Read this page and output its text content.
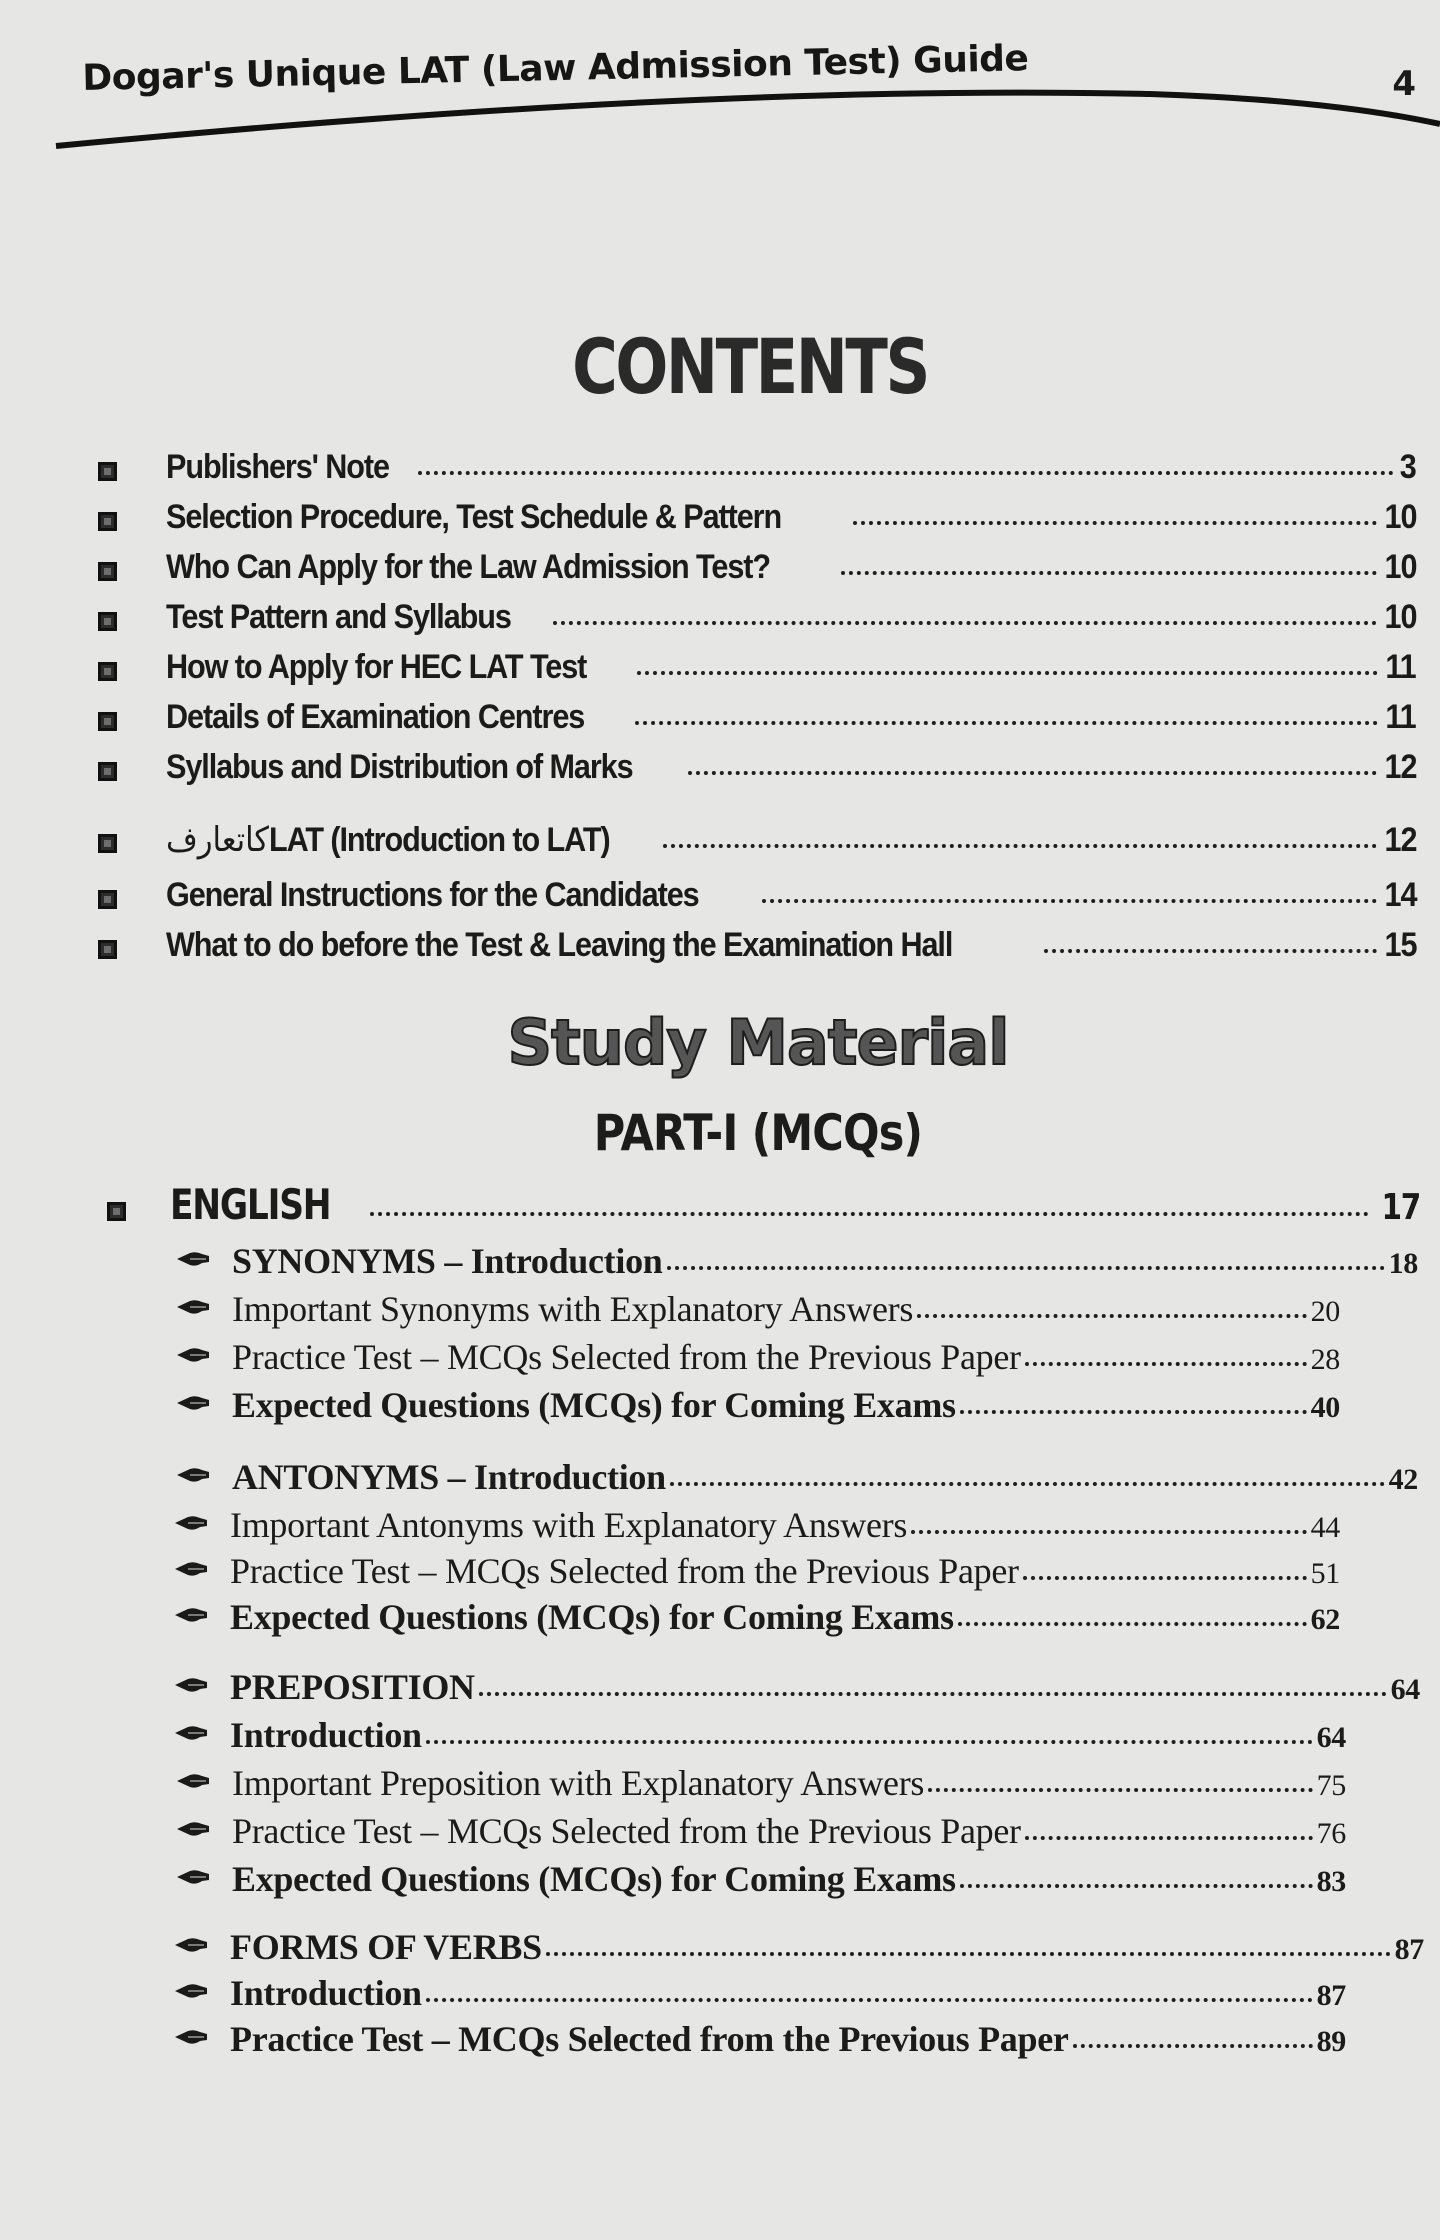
Dogar's Unique LAT (Law Admission Test) Guide	4
CONTENTS
Publishers' Note	3
Selection Procedure, Test Schedule & Pattern	10
Who Can Apply for the Law Admission Test?	10
Test Pattern and Syllabus	10
How to Apply for HEC LAT Test	11
Details of Examination Centres	11
Syllabus and Distribution of Marks	12
کاتعارفLAT (Introduction to LAT)	12
General Instructions for the Candidates	14
What to do before the Test & Leaving the Examination Hall	15
Study Material
PART-I (MCQs)
ENGLISH	17
SYNONYMS – Introduction	18
Important Synonyms with Explanatory Answers	20
Practice Test – MCQs Selected from the Previous Paper	28
Expected Questions (MCQs) for Coming Exams	40
ANTONYMS – Introduction	42
Important Antonyms with Explanatory Answers	44
Practice Test – MCQs Selected from the Previous Paper	51
Expected Questions (MCQs) for Coming Exams	62
PREPOSITION	64
Introduction	64
Important Preposition with Explanatory Answers	75
Practice Test – MCQs Selected from the Previous Paper	76
Expected Questions (MCQs) for Coming Exams	83
FORMS OF VERBS	87
Introduction	87
Practice Test – MCQs Selected from the Previous Paper	89
